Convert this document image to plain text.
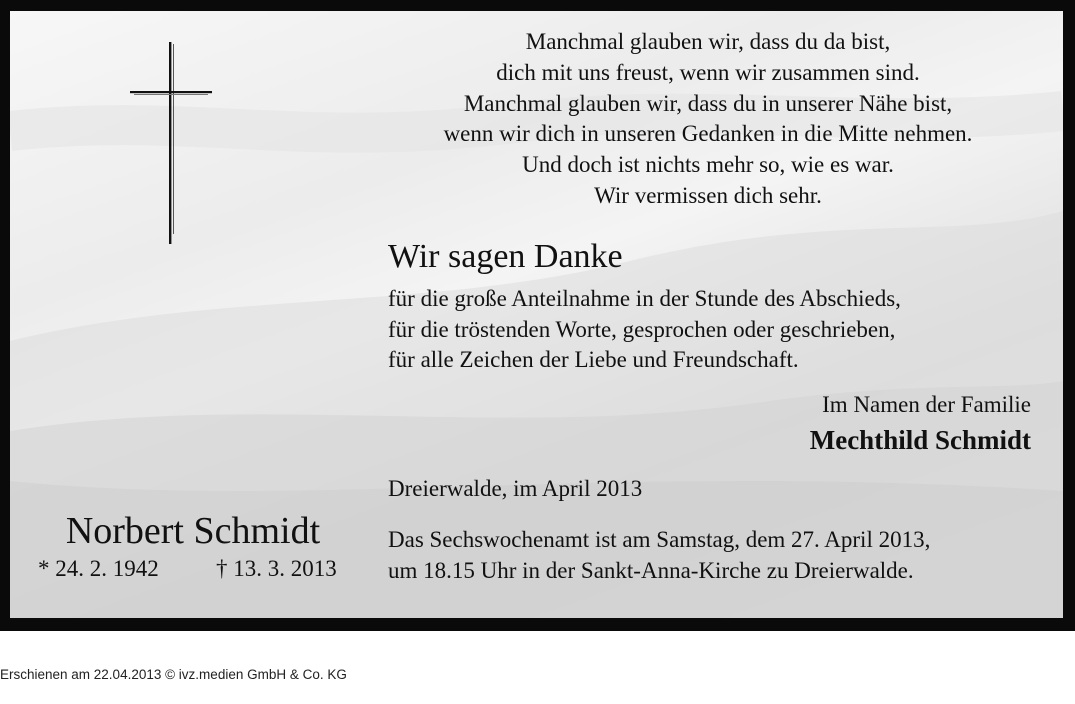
Manchmal glauben wir, dass du da bist,
dich mit uns freust, wenn wir zusammen sind.
Manchmal glauben wir, dass du in unserer Nähe bist,
wenn wir dich in unseren Gedanken in die Mitte nehmen.
Und doch ist nichts mehr so, wie es war.
Wir vermissen dich sehr.
Wir sagen Danke
für die große Anteilnahme in der Stunde des Abschieds,
für die tröstenden Worte, gesprochen oder geschrieben,
für alle Zeichen der Liebe und Freundschaft.
Im Namen der Familie
Mechthild Schmidt
Dreierwalde, im April 2013
Das Sechswochenamt ist am Samstag, dem 27. April 2013,
um 18.15 Uhr in der Sankt-Anna-Kirche zu Dreierwalde.
Norbert Schmidt
* 24. 2. 1942 † 13. 3. 2013
Erschienen am 22.04.2013 © ivz.medien GmbH & Co. KG
